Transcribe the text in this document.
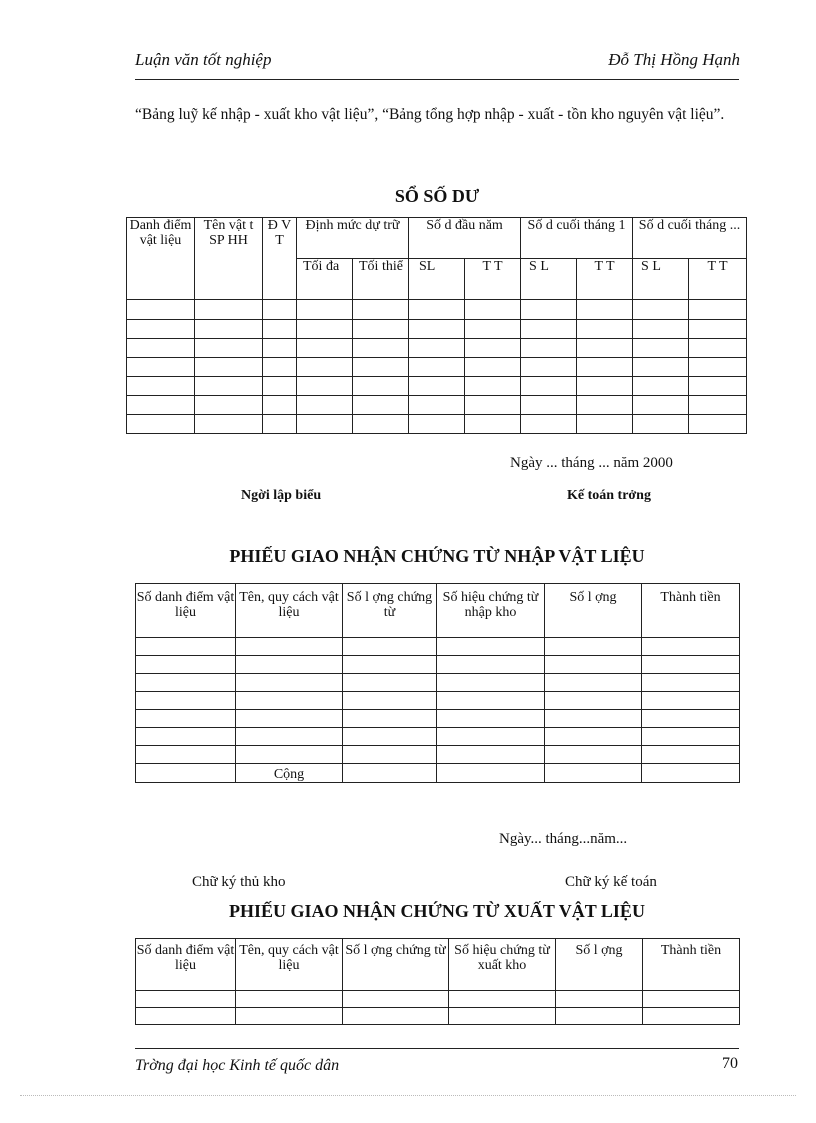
Luận văn tốt nghiệp	Đỗ Thị Hồng Hạnh
“Bảng luỹ kế nhập - xuất kho vật liệu”, “Bảng tổng hợp nhập - xuất - tồn kho nguyên vật liệu”.
SỔ SỐ DƯ
Danh điểm vật liệu	Tên vật t SP HH	Đ V T	Định mức dự trữ		Số d đầu năm		Số d cuối tháng 1		Số d cuối tháng ...	
			Tối đa	Tối thiể	SL	T T	S L	T T	S L	T T

Ngày ... tháng ... năm 2000
Ngời lập biểu	Kế toán trởng
PHIẾU GIAO NHẬN CHỨNG TỪ NHẬP VẬT LIỆU
Số danh điểm vật liệu	Tên, quy cách vật liệu	Số l ợng chứng từ	Số hiệu chứng từ nhập kho	Số l ợng	Thành tiền

	Cộng				
Ngày... tháng...năm...
Chữ ký thủ kho	Chữ ký kế toán
PHIẾU GIAO NHẬN CHỨNG TỪ XUẤT VẬT LIỆU
Số danh điểm vật liệu	Tên, quy cách vật liệu	Số l ợng chứng từ	Số hiệu chứng từ xuất kho	Số l ợng	Thành tiền

Trờng đại học Kinh tế quốc dân	70
